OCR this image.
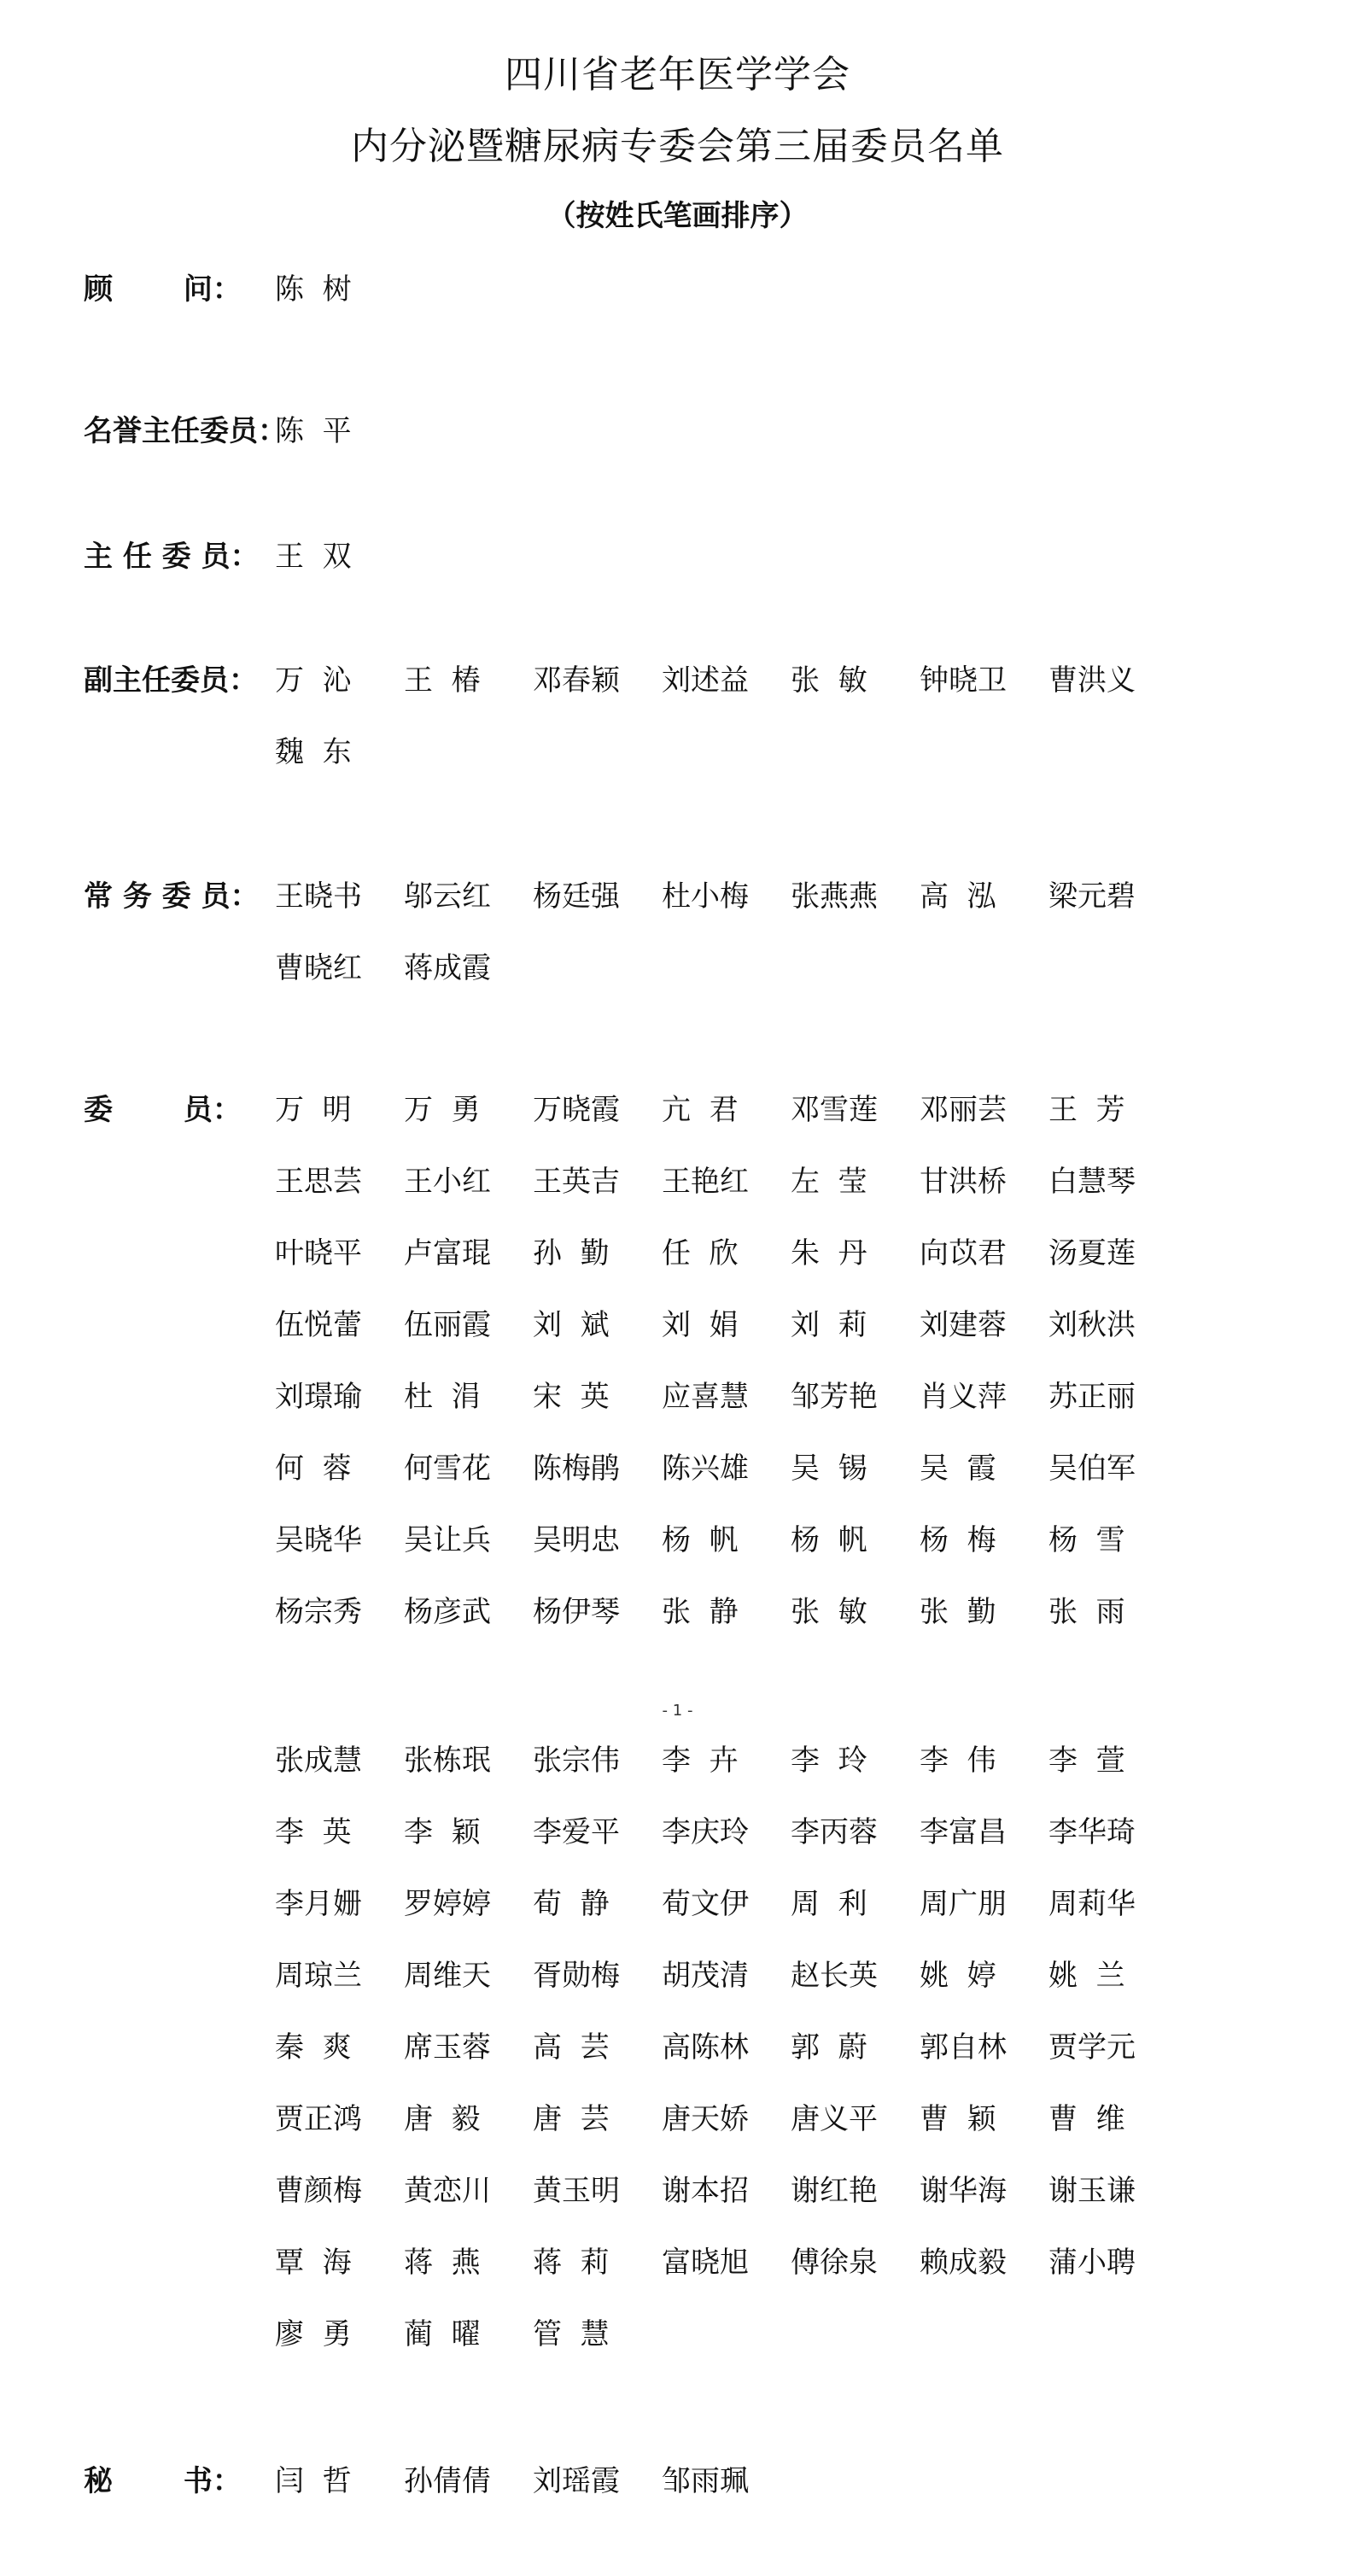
四川省老年医学学会
内分泌暨糖尿病专委会第三届委员名单
（按姓氏笔画排序）
顾       问： 陈  树
名誉主任委员：
陈  平
主 任 委 员： 王  双
副主任委员： 万  沁 王  椿 邓春颖 刘述益 张  敏 钟晓卫 曹洪义
魏  东
常 务 委 员： 王晓书 邬云红 杨廷强 杜小梅 张燕燕 高  泓 梁元碧
曹晓红 蒋成霞
委       员： 万  明 万  勇 万晓霞 亢  君 邓雪莲 邓丽芸 王  芳
王思芸 王小红 王英吉 王艳红 左  莹 甘洪桥 白慧琴
叶晓平 卢富琨 孙  勤 任  欣 朱  丹 向苡君 汤夏莲
伍悦蕾 伍丽霞 刘  斌 刘  娟 刘  莉 刘建蓉 刘秋洪
刘璟瑜 杜  涓 宋  英 应喜慧 邹芳艳 肖义萍 苏正丽
何  蓉 何雪花 陈梅鹃 陈兴雄 吴  锡 吴  霞 吴伯军
吴晓华 吴让兵 吴明忠 杨  帆 杨  帆 杨  梅 杨  雪
杨宗秀 杨彦武 杨伊琴 张  静 张  敏 张  勤 张  雨
- 1 -
张成慧 张栋珉 张宗伟 李  卉 李  玲 李  伟 李  萱
李  英 李  颖 李爱平 李庆玲 李丙蓉 李富昌 李华琦
李月姗 罗婷婷 荀  静 荀文伊 周  利 周广朋 周莉华
周琼兰 周维天 胥勋梅 胡茂清 赵长英 姚  婷 姚  兰
秦  爽 席玉蓉 高  芸 高陈林 郭  蔚 郭自林 贾学元
贾正鸿 唐  毅 唐  芸 唐天娇 唐义平 曹  颖 曹  维
曹颜梅 黄恋川 黄玉明 谢本招 谢红艳 谢华海 谢玉谦
覃  海 蒋  燕 蒋  莉 富晓旭 傅徐泉 赖成毅 蒲小聘
廖  勇 蔺  曜 管  慧
秘       书： 闫  哲 孙倩倩 刘瑶霞 邹雨珮
